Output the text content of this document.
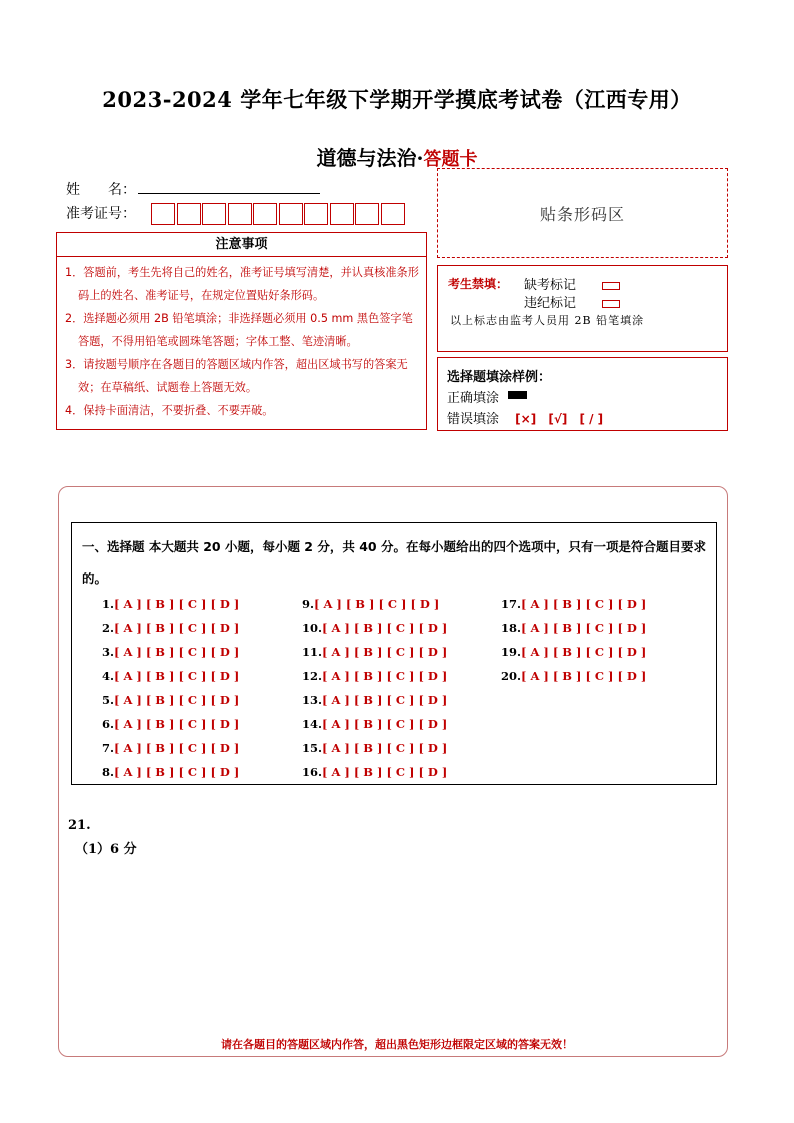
2023-2024 学年七年级下学期开学摸底考试卷（江西专用）
道德与法治·答题卡
姓　　名：
准考证号：	贴条形码区
注意事项

1．答题前，考生先将自己的姓名，准考证号填写清楚，并认真核准条形码上的姓名、准考证号，在规定位置贴好条形码。

2．选择题必须用 2B 铅笔填涂；非选择题必须用 0.5 mm 黑色签字笔答题，不得用铅笔或圆珠笔答题；字体工整、笔迹清晰。

3．请按题号顺序在各题目的答题区域内作答，超出区域书写的答案无效；在草稿纸、试题卷上答题无效。

4．保持卡面清洁，不要折叠、不要弄破。

考生禁填： 缺考标记
违纪标记
以上标志由监考人员用 2B 铅笔填涂
选择题填涂样例：
正确填涂
错误填涂 [×] [√] [ / ]
一、选择题 本大题共 20 小题，每小题 2 分，共 40 分。在每小题给出的四个选项中，只有一项是符合题目要求的。
1.[ A ] [ B ] [ C ] [ D ]
2.[ A ] [ B ] [ C ] [ D ]
3.[ A ] [ B ] [ C ] [ D ]
4.[ A ] [ B ] [ C ] [ D ]
5.[ A ] [ B ] [ C ] [ D ]
6.[ A ] [ B ] [ C ] [ D ]
7.[ A ] [ B ] [ C ] [ D ]
8.[ A ] [ B ] [ C ] [ D ]
9.[ A ] [ B ] [ C ] [ D ]
10.[ A ] [ B ] [ C ] [ D ]
11.[ A ] [ B ] [ C ] [ D ]
12.[ A ] [ B ] [ C ] [ D ]
13.[ A ] [ B ] [ C ] [ D ]
14.[ A ] [ B ] [ C ] [ D ]
15.[ A ] [ B ] [ C ] [ D ]
16.[ A ] [ B ] [ C ] [ D ]
17.[ A ] [ B ] [ C ] [ D ]
18.[ A ] [ B ] [ C ] [ D ]
19.[ A ] [ B ] [ C ] [ D ]
20.[ A ] [ B ] [ C ] [ D ]
21.
（1）6 分
请在各题目的答题区域内作答，超出黑色矩形边框限定区域的答案无效！
